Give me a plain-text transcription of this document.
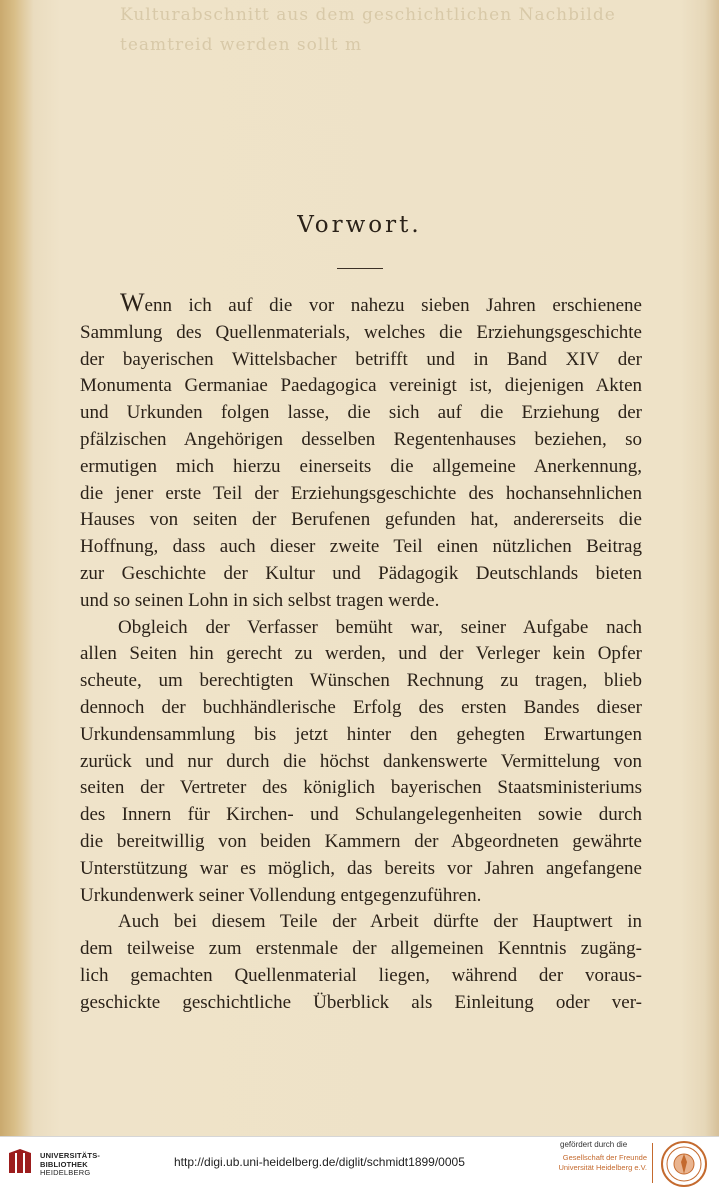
Kulturabschnitt aus dem geschichtlichen Nachbilde
teamtreid werden sollt m
Vorwort.
Wenn ich auf die vor nahezu sieben Jahren erschienene
Sammlung des Quellenmaterials, welches die Erziehungsgeschichte
der bayerischen Wittelsbacher betrifft und in Band XIV der
Monumenta Germaniae Paedagogica vereinigt ist, diejenigen Akten
und Urkunden folgen lasse, die sich auf die Erziehung der
pfälzischen Angehörigen desselben Regentenhauses beziehen, so
ermutigen mich hierzu einerseits die allgemeine Anerkennung,
die jener erste Teil der Erziehungsgeschichte des hochansehnlichen
Hauses von seiten der Berufenen gefunden hat, andererseits die
Hoffnung, dass auch dieser zweite Teil einen nützlichen Beitrag
zur Geschichte der Kultur und Pädagogik Deutschlands bieten
und so seinen Lohn in sich selbst tragen werde.
Obgleich der Verfasser bemüht war, seiner Aufgabe nach
allen Seiten hin gerecht zu werden, und der Verleger kein Opfer
scheute, um berechtigten Wünschen Rechnung zu tragen, blieb
dennoch der buchhändlerische Erfolg des ersten Bandes dieser
Urkundensammlung bis jetzt hinter den gehegten Erwartungen
zurück und nur durch die höchst dankenswerte Vermittelung von
seiten der Vertreter des königlich bayerischen Staatsministeriums
des Innern für Kirchen- und Schulangelegenheiten sowie durch
die bereitwillig von beiden Kammern der Abgeordneten gewährte
Unterstützung war es möglich, das bereits vor Jahren angefangene
Urkundenwerk seiner Vollendung entgegenzuführen.
Auch bei diesem Teile der Arbeit dürfte der Hauptwert in
dem teilweise zum erstenmale der allgemeinen Kenntnis zugäng-
lich gemachten Quellenmaterial liegen, während der voraus-
geschickte geschichtliche Überblick als Einleitung oder ver-
UNIVERSITÄTS-
BIBLIOTHEK
HEIDELBERG
http://digi.ub.uni-heidelberg.de/diglit/schmidt1899/0005
gefördert durch die
Gesellschaft der Freunde
Universität Heidelberg e.V.
